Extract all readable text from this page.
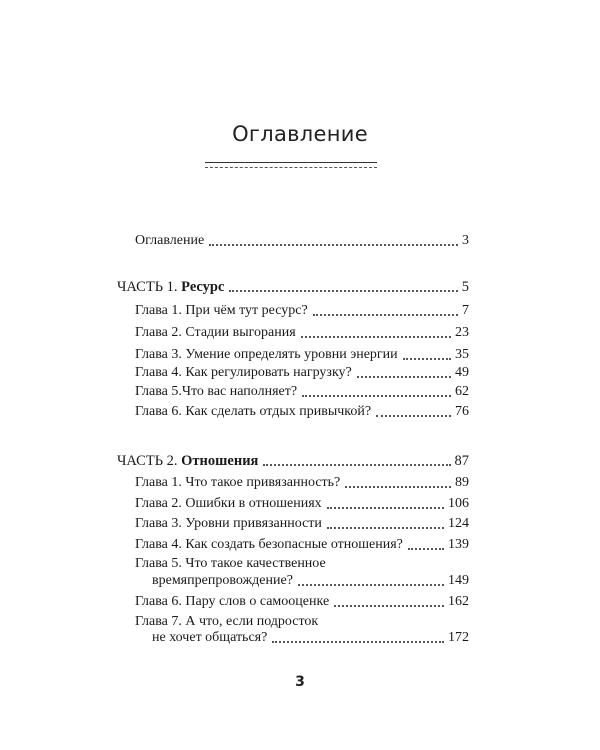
Оглавление
Оглавление	3
ЧАСТЬ 1. Ресурс	5
Глава 1. При чём тут ресурс?	7
Глава 2. Стадии выгорания	23
Глава 3. Умение определять уровни энергии	35
Глава 4. Как регулировать нагрузку?	49
Глава 5.Что вас наполняет?	62
Глава 6. Как сделать отдых привычкой?	76
ЧАСТЬ 2. Отношения	87
Глава 1. Что такое привязанность?	89
Глава 2. Ошибки в отношениях	106
Глава 3. Уровни привязанности	124
Глава 4. Как создать безопасные отношения?	139
Глава 5. Что такое качественное
времяпрепровождение?	149
Глава 6. Пару слов о самооценке	162
Глава 7. А что, если подросток
не хочет общаться?	172
3
